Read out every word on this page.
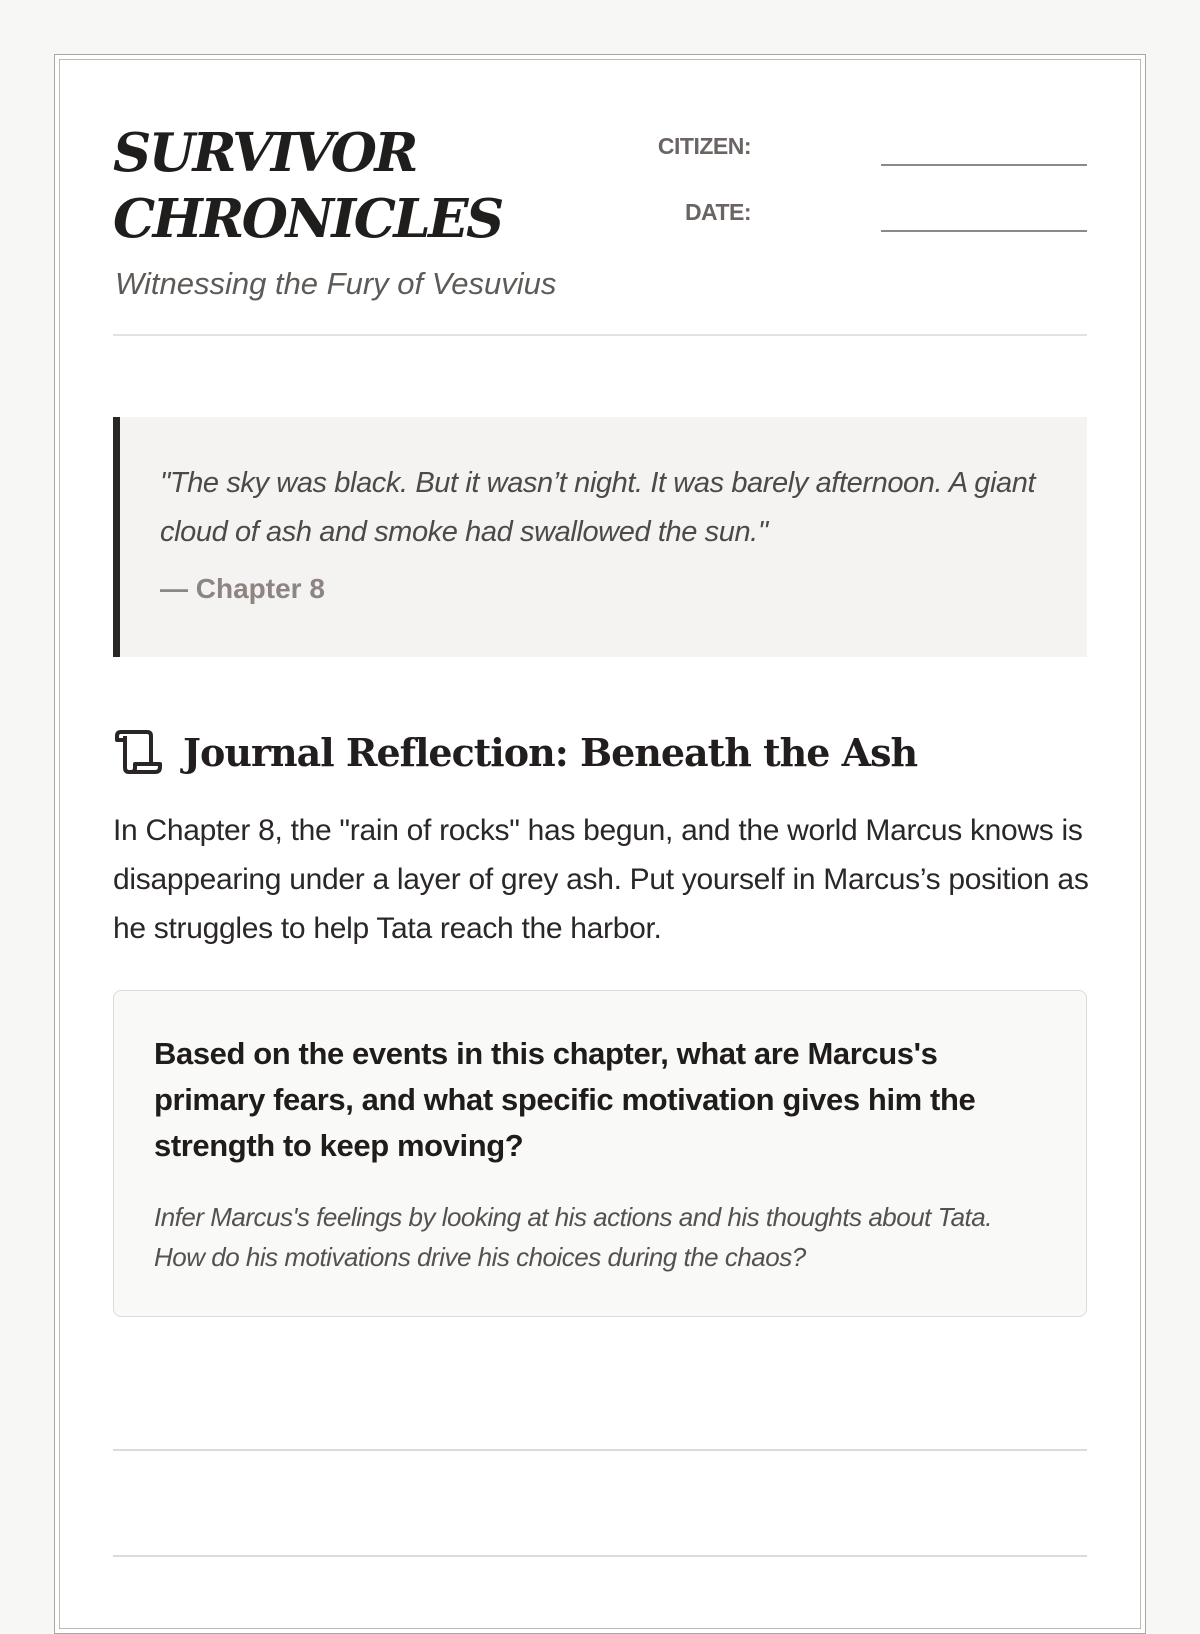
SURVIVOR CHRONICLES
Witnessing the Fury of Vesuvius
CITIZEN:
DATE:

"The sky was black. But it wasn’t night. It was barely afternoon. A giant cloud of ash and smoke had swallowed the sun."

— Chapter 8
Journal Reflection: Beneath the Ash

In Chapter 8, the "rain of rocks" has begun, and the world Marcus knows is disappearing under a layer of grey ash. Put yourself in Marcus’s position as he struggles to help Tata reach the harbor.

Based on the events in this chapter, what are Marcus's primary fears, and what specific motivation gives him the strength to keep moving?

Infer Marcus's feelings by looking at his actions and his thoughts about Tata. How do his motivations drive his choices during the chaos?
